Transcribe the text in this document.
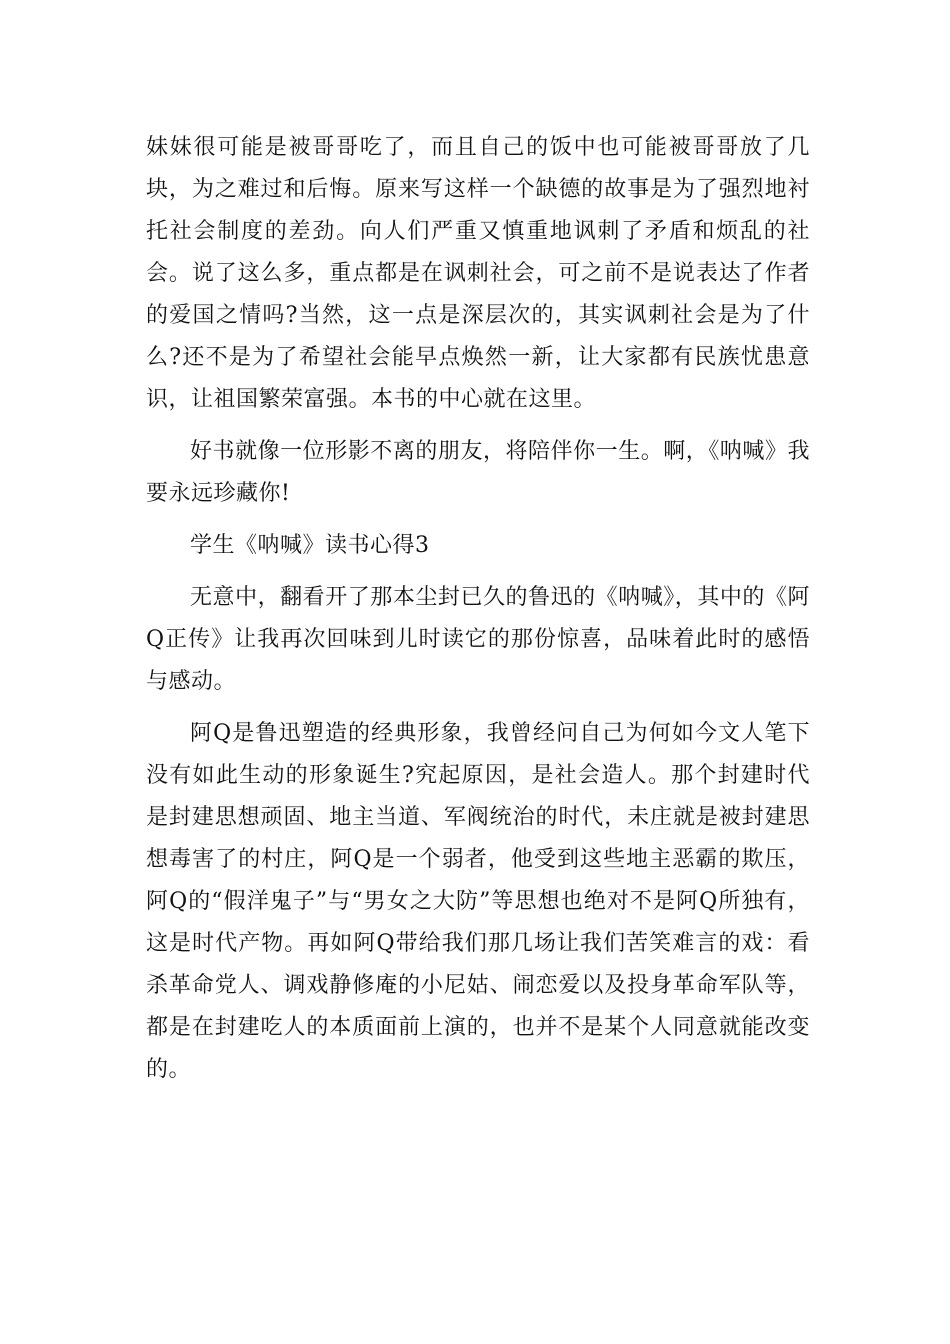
妹妹很可能是被哥哥吃了，而且自己的饭中也可能被哥哥放了几块，为之难过和后悔。原来写这样一个缺德的故事是为了强烈地衬托社会制度的差劲。向人们严重又慎重地讽刺了矛盾和烦乱的社会。说了这么多，重点都是在讽刺社会，可之前不是说表达了作者的爱国之情吗?当然，这一点是深层次的，其实讽刺社会是为了什么?还不是为了希望社会能早点焕然一新，让大家都有民族忧患意识，让祖国繁荣富强。本书的中心就在这里。

好书就像一位形影不离的朋友，将陪伴你一生。啊，《呐喊》我要永远珍藏你!

学生《呐喊》读书心得3

无意中，翻看开了那本尘封已久的鲁迅的《呐喊》，其中的《阿Q正传》让我再次回味到儿时读它的那份惊喜，品味着此时的感悟与感动。

阿Q是鲁迅塑造的经典形象，我曾经问自己为何如今文人笔下没有如此生动的形象诞生?究起原因，是社会造人。那个封建时代是封建思想顽固、地主当道、军阀统治的时代，未庄就是被封建思想毒害了的村庄，阿Q是一个弱者，他受到这些地主恶霸的欺压，阿Q的“假洋鬼子”与“男女之大防”等思想也绝对不是阿Q所独有，这是时代产物。再如阿Q带给我们那几场让我们苦笑难言的戏：看杀革命党人、调戏静修庵的小尼姑、闹恋爱以及投身革命军队等，都是在封建吃人的本质面前上演的，也并不是某个人同意就能改变的。
